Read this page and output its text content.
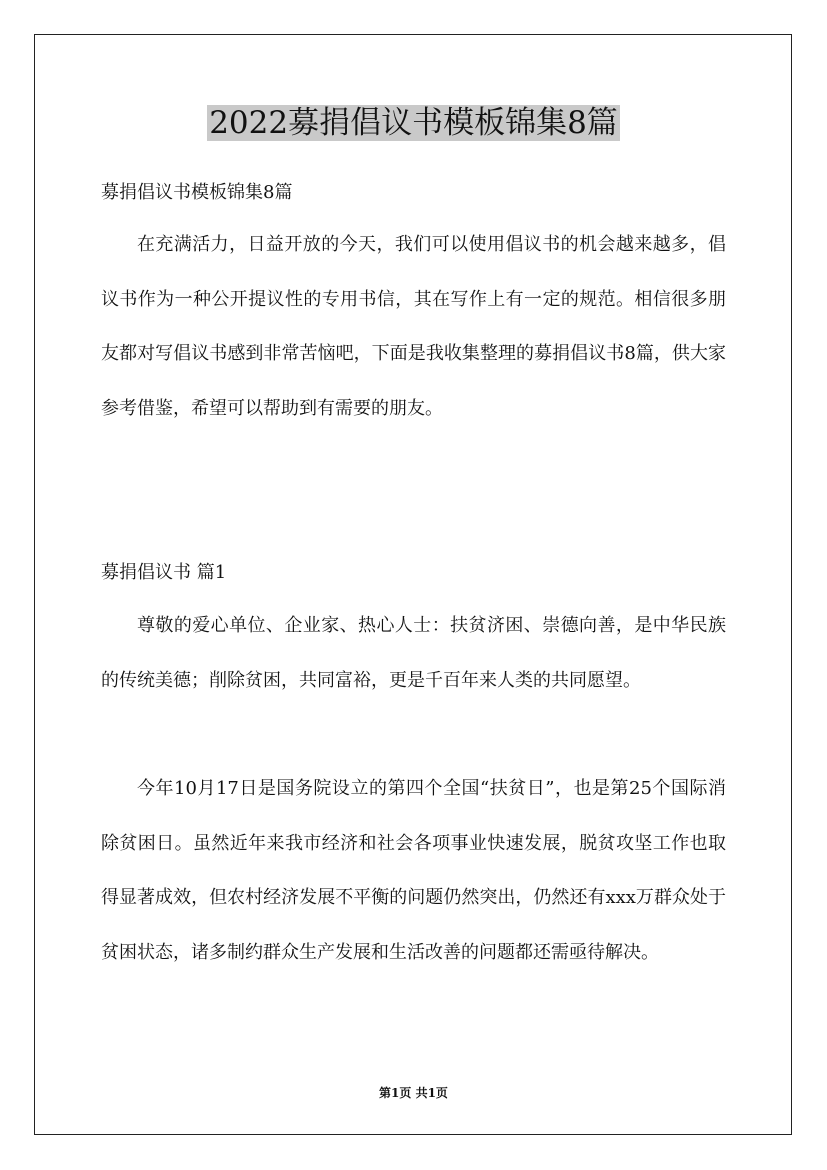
2022募捐倡议书模板锦集8篇

募捐倡议书模板锦集8篇

在充满活力，日益开放的今天，我们可以使用倡议书的机会越来越多，倡议书作为一种公开提议性的专用书信，其在写作上有一定的规范。相信很多朋友都对写倡议书感到非常苦恼吧，下面是我收集整理的募捐倡议书8篇，供大家参考借鉴，希望可以帮助到有需要的朋友。

募捐倡议书 篇1

尊敬的爱心单位、企业家、热心人士：扶贫济困、崇德向善，是中华民族的传统美德；削除贫困，共同富裕，更是千百年来人类的共同愿望。

今年10月17日是国务院设立的第四个全国“扶贫日”，也是第25个国际消除贫困日。虽然近年来我市经济和社会各项事业快速发展，脱贫攻坚工作也取得显著成效，但农村经济发展不平衡的问题仍然突出，仍然还有xxx万群众处于贫困状态，诸多制约群众生产发展和生活改善的问题都还需亟待解决。

第1页 共1页
